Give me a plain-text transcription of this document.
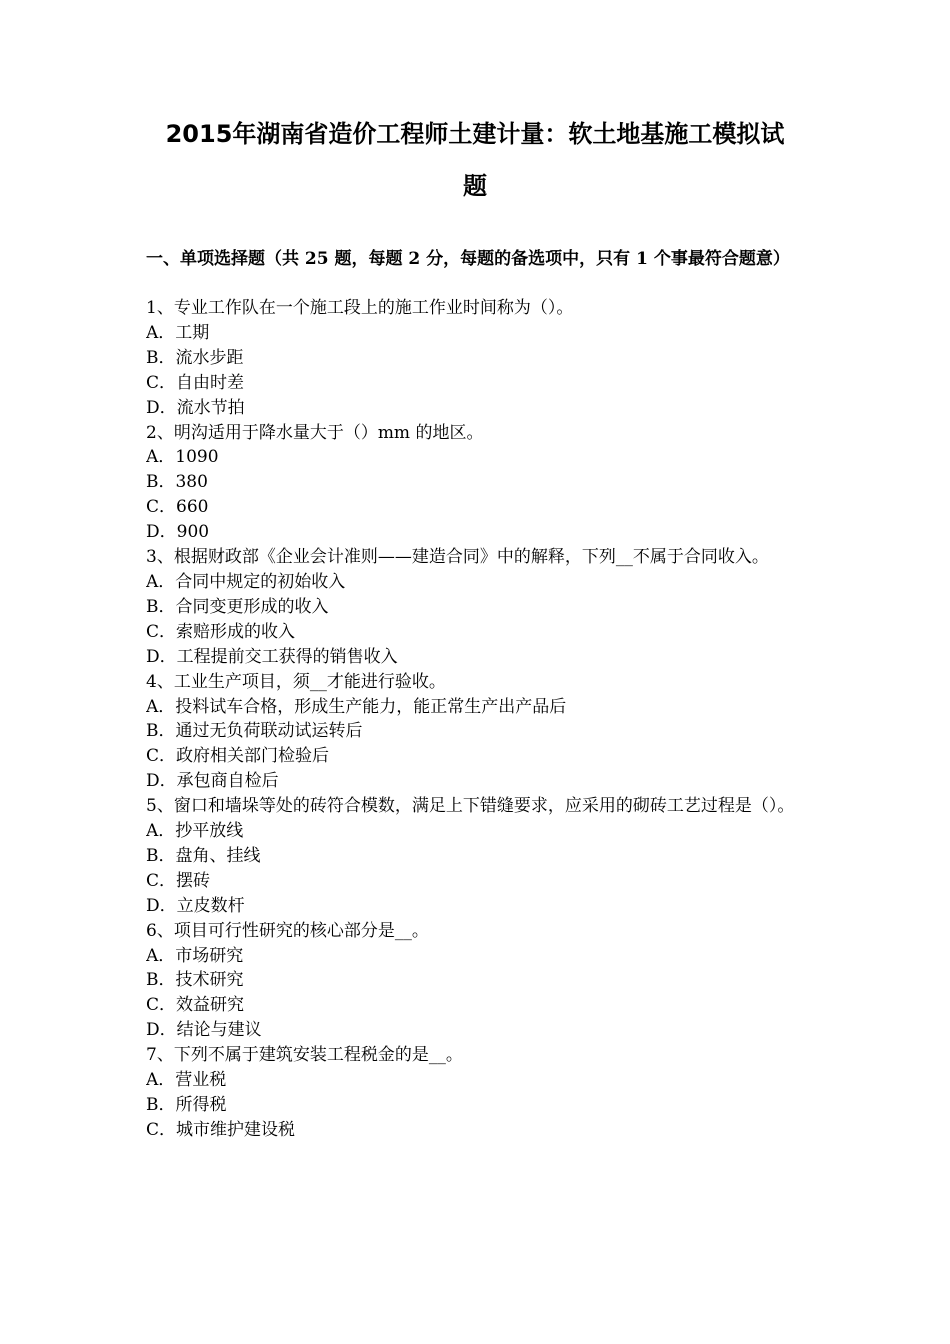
2015年湖南省造价工程师土建计量：软土地基施工模拟试
题

一、单项选择题（共 25 题，每题 2 分，每题的备选项中，只有 1 个事最符合题意）

1、专业工作队在一个施工段上的施工作业时间称为（）。

A．工期

B．流水步距

C．自由时差

D．流水节拍

2、明沟适用于降水量大于（）mm 的地区。

A．1090

B．380

C．660

D．900

3、根据财政部《企业会计准则——建造合同》中的解释，下列__不属于合同收入。

A．合同中规定的初始收入

B．合同变更形成的收入

C．索赔形成的收入

D．工程提前交工获得的销售收入

4、工业生产项目，须__才能进行验收。

A．投料试车合格，形成生产能力，能正常生产出产品后

B．通过无负荷联动试运转后

C．政府相关部门检验后

D．承包商自检后

5、窗口和墙垛等处的砖符合模数，满足上下错缝要求，应采用的砌砖工艺过程是（）。

A．抄平放线

B．盘角、挂线

C．摆砖

D．立皮数杆

6、项目可行性研究的核心部分是__。

A．市场研究

B．技术研究

C．效益研究

D．结论与建议

7、下列不属于建筑安装工程税金的是__。

A．营业税

B．所得税

C．城市维护建设税
